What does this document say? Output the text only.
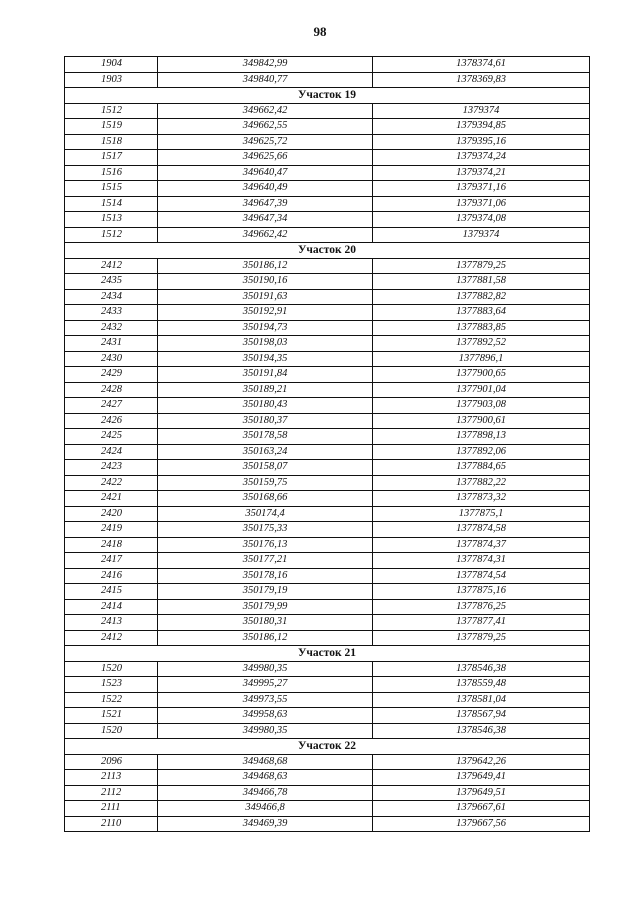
98
1904	349842,99	1378374,61
1903	349840,77	1378369,83
Участок 19		
1512	349662,42	1379374
1519	349662,55	1379394,85
1518	349625,72	1379395,16
1517	349625,66	1379374,24
1516	349640,47	1379374,21
1515	349640,49	1379371,16
1514	349647,39	1379371,06
1513	349647,34	1379374,08
1512	349662,42	1379374
Участок 20		
2412	350186,12	1377879,25
2435	350190,16	1377881,58
2434	350191,63	1377882,82
2433	350192,91	1377883,64
2432	350194,73	1377883,85
2431	350198,03	1377892,52
2430	350194,35	1377896,1
2429	350191,84	1377900,65
2428	350189,21	1377901,04
2427	350180,43	1377903,08
2426	350180,37	1377900,61
2425	350178,58	1377898,13
2424	350163,24	1377892,06
2423	350158,07	1377884,65
2422	350159,75	1377882,22
2421	350168,66	1377873,32
2420	350174,4	1377875,1
2419	350175,33	1377874,58
2418	350176,13	1377874,37
2417	350177,21	1377874,31
2416	350178,16	1377874,54
2415	350179,19	1377875,16
2414	350179,99	1377876,25
2413	350180,31	1377877,41
2412	350186,12	1377879,25
Участок 21		
1520	349980,35	1378546,38
1523	349995,27	1378559,48
1522	349973,55	1378581,04
1521	349958,63	1378567,94
1520	349980,35	1378546,38
Участок 22		
2096	349468,68	1379642,26
2113	349468,63	1379649,41
2112	349466,78	1379649,51
2111	349466,8	1379667,61
2110	349469,39	1379667,56
